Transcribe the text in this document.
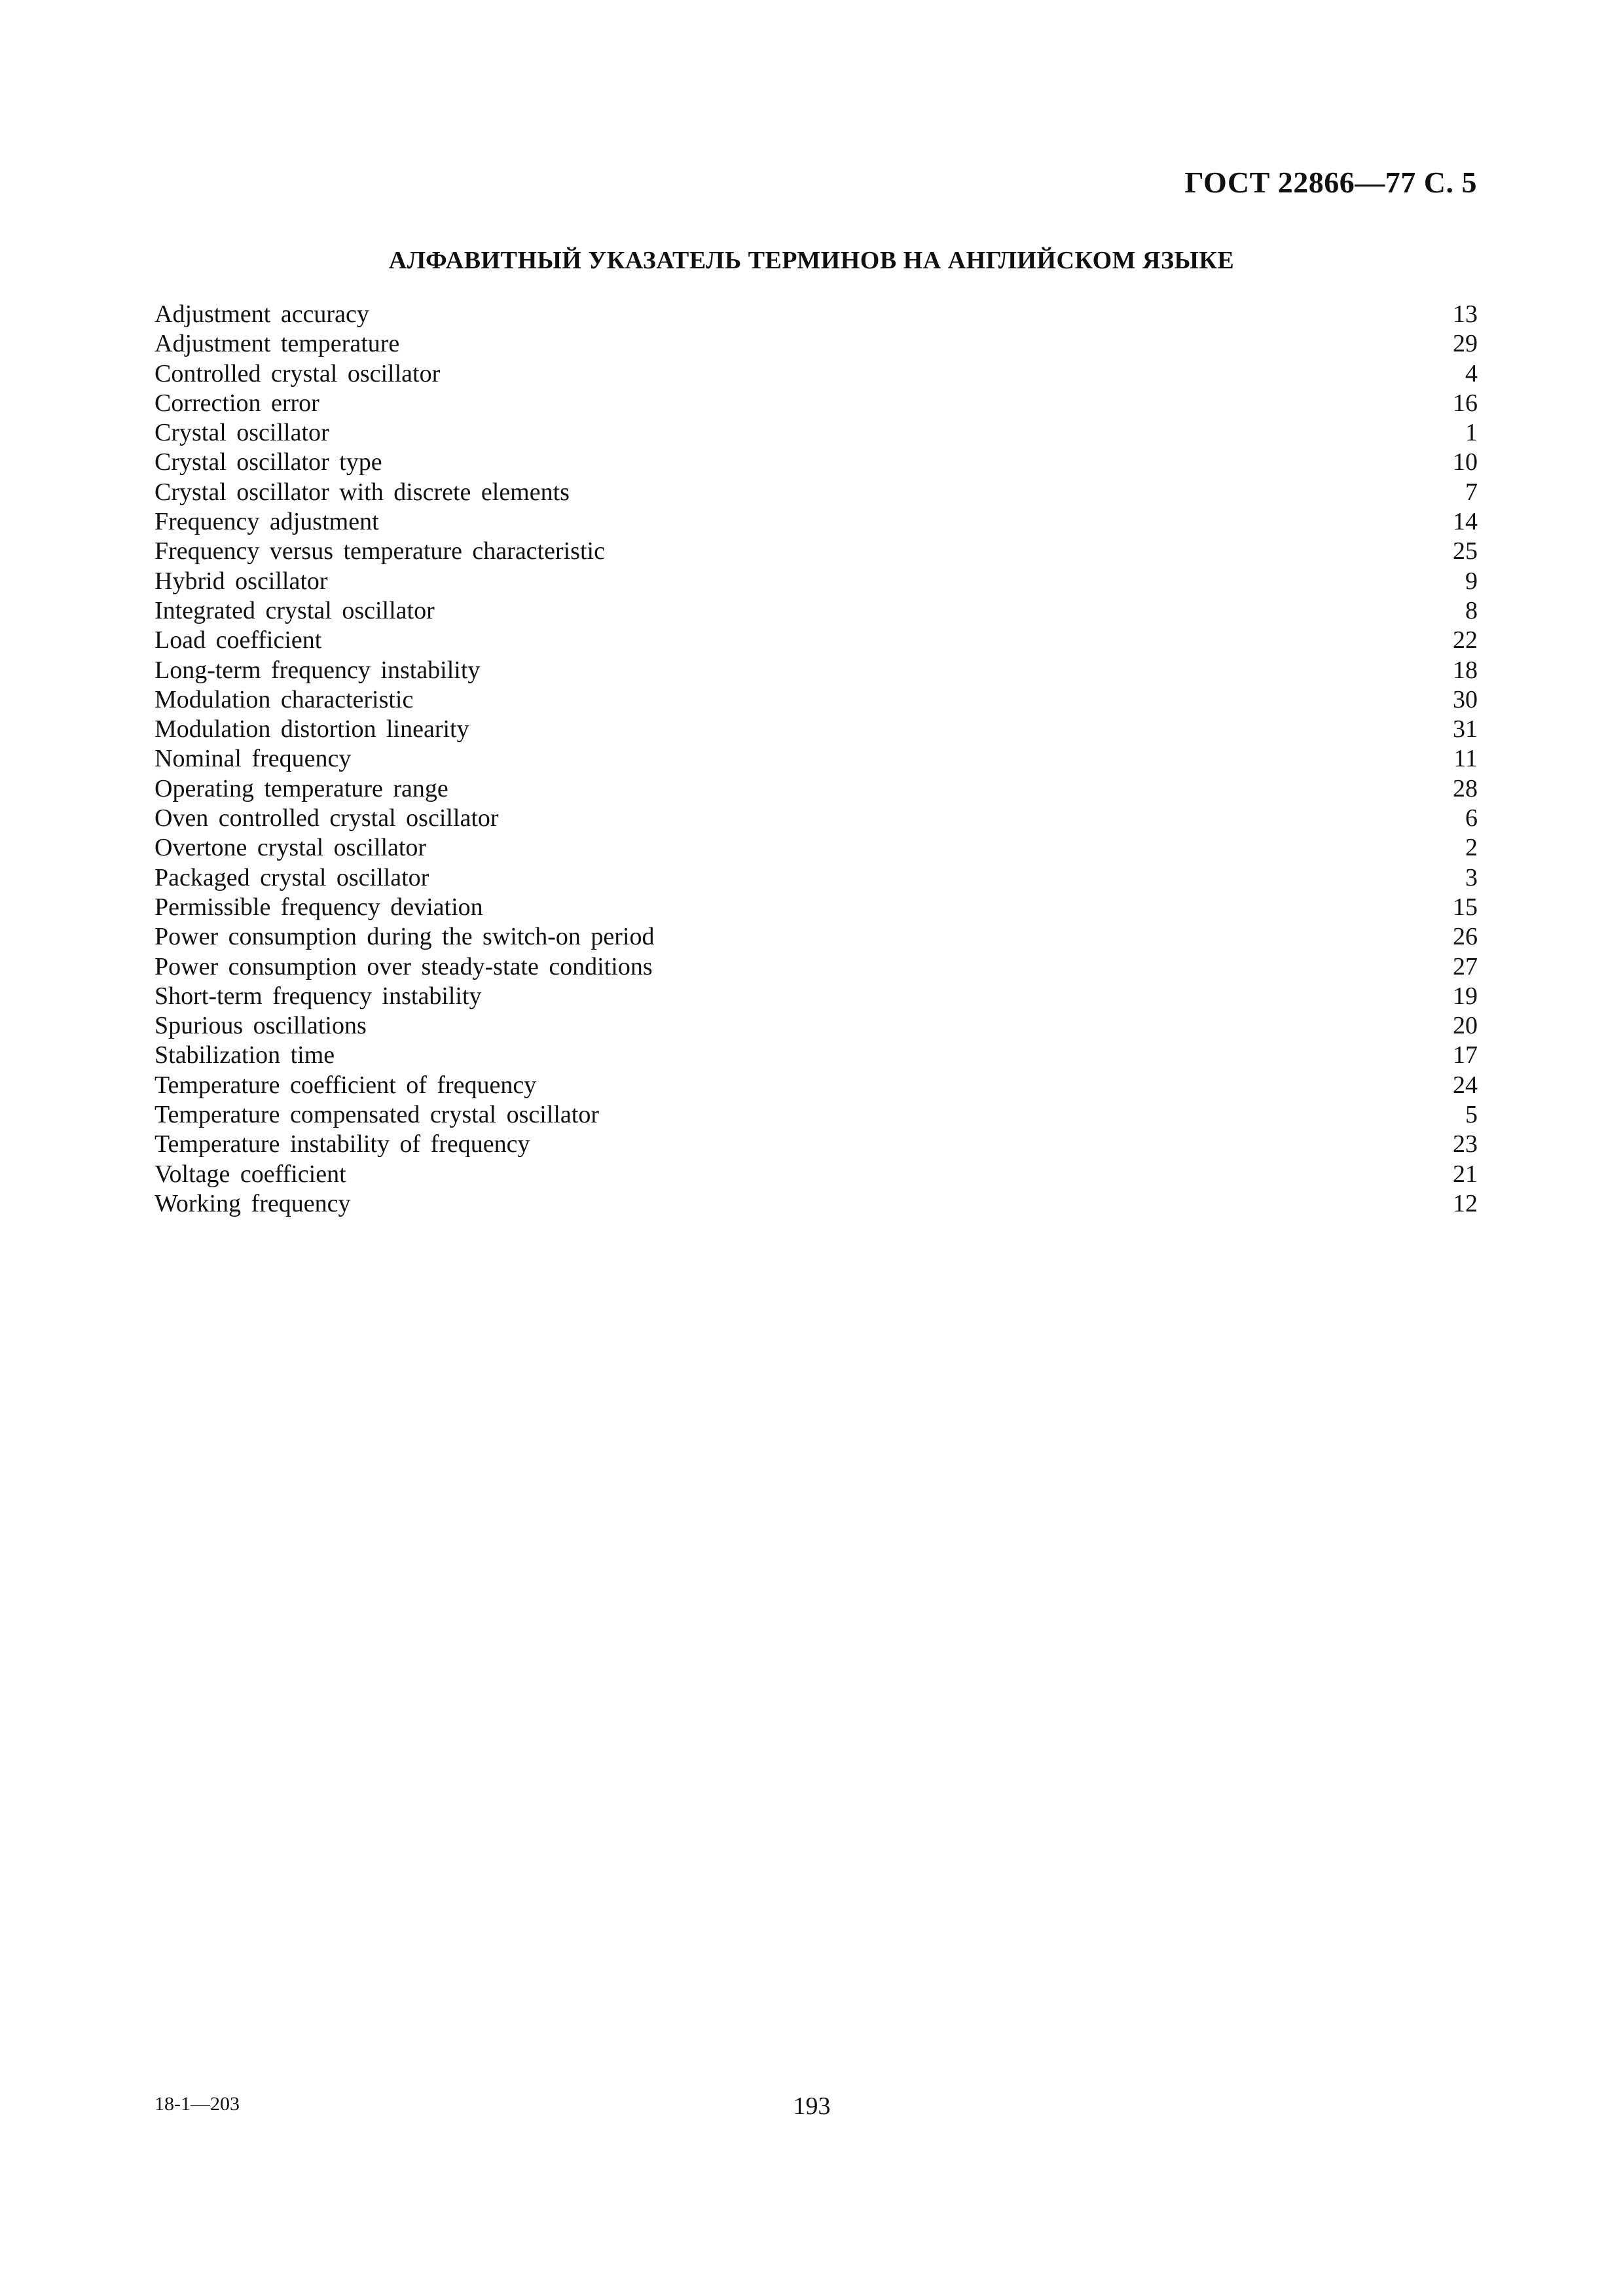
ГОСТ 22866—77 С. 5
АЛФАВИТНЫЙ УКАЗАТЕЛЬ ТЕРМИНОВ НА АНГЛИЙСКОМ ЯЗЫКЕ
Adjustment accuracy	13
Adjustment temperature	29
Controlled crystal oscillator	4
Correction error	16
Crystal oscillator	1
Crystal oscillator type	10
Crystal oscillator with discrete elements	7
Frequency adjustment	14
Frequency versus temperature characteristic	25
Hybrid oscillator	9
Integrated crystal oscillator	8
Load coefficient	22
Long-term frequency instability	18
Modulation characteristic	30
Modulation distortion linearity	31
Nominal frequency	11
Operating temperature range	28
Oven controlled crystal oscillator	6
Overtone crystal oscillator	2
Packaged crystal oscillator	3
Permissible frequency deviation	15
Power consumption during the switch-on period	26
Power consumption over steady-state conditions	27
Short-term frequency instability	19
Spurious oscillations	20
Stabilization time	17
Temperature coefficient of frequency	24
Temperature compensated crystal oscillator	5
Temperature instability of frequency	23
Voltage coefficient	21
Working frequency	12
18-1—203	193
